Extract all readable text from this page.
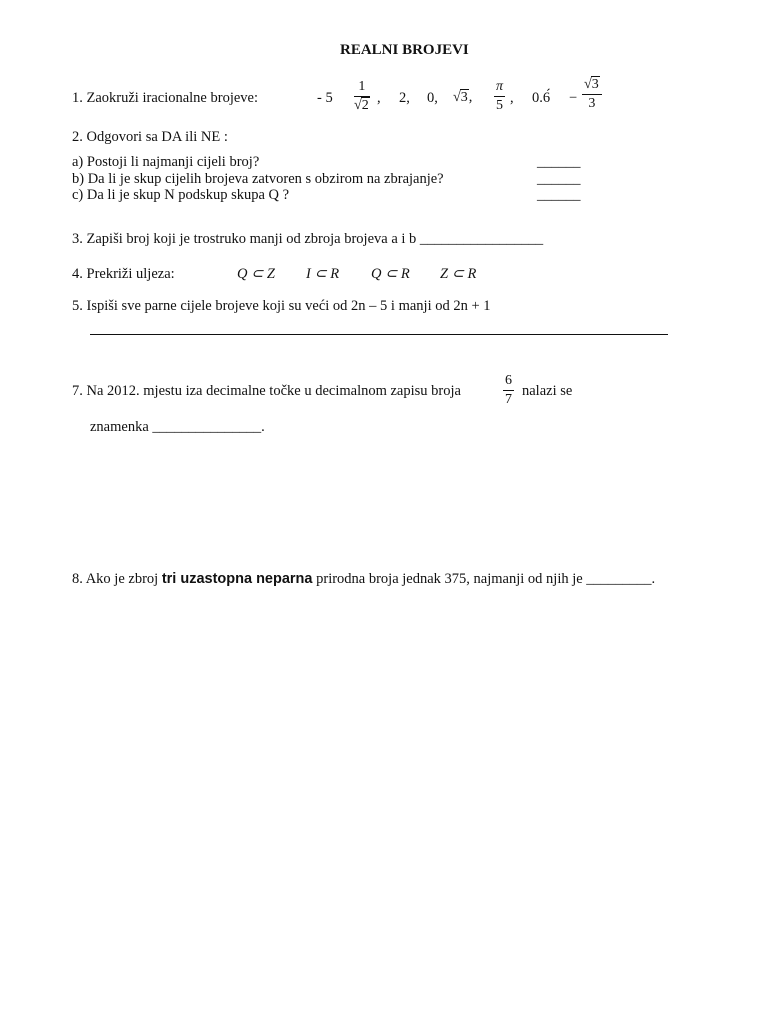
REALNI BROJEVI
1. Zaokruži iracionalne brojeve:	- 5
1
√2 , 2, 0, √3,
π
5 , 0.6́ −
√3
3
2. Odgovori sa DA ili NE :
a) Postoji li najmanji cijeli broj?	______
b) Da li je skup cijelih brojeva zatvoren s obzirom na zbrajanje?	______
c) Da li je skup N podskup skupa Q ?	______
3. Zapiši broj koji je trostruko manji od zbroja brojeva a i b _________________
4. Prekriži uljeza:	Q ⊂ Z I ⊂ R Q ⊂ R Z ⊂ R
5. Ispiši sve parne cijele brojeve koji su veći od 2n – 5 i manji od 2n + 1
7. Na 2012. mjestu iza decimalne točke u decimalnom zapisu broja
6
7
nalazi se
znamenka _______________.
8. Ako je zbroj tri uzastopna neparna prirodna broja jednak 375, najmanji od njih je _________.
